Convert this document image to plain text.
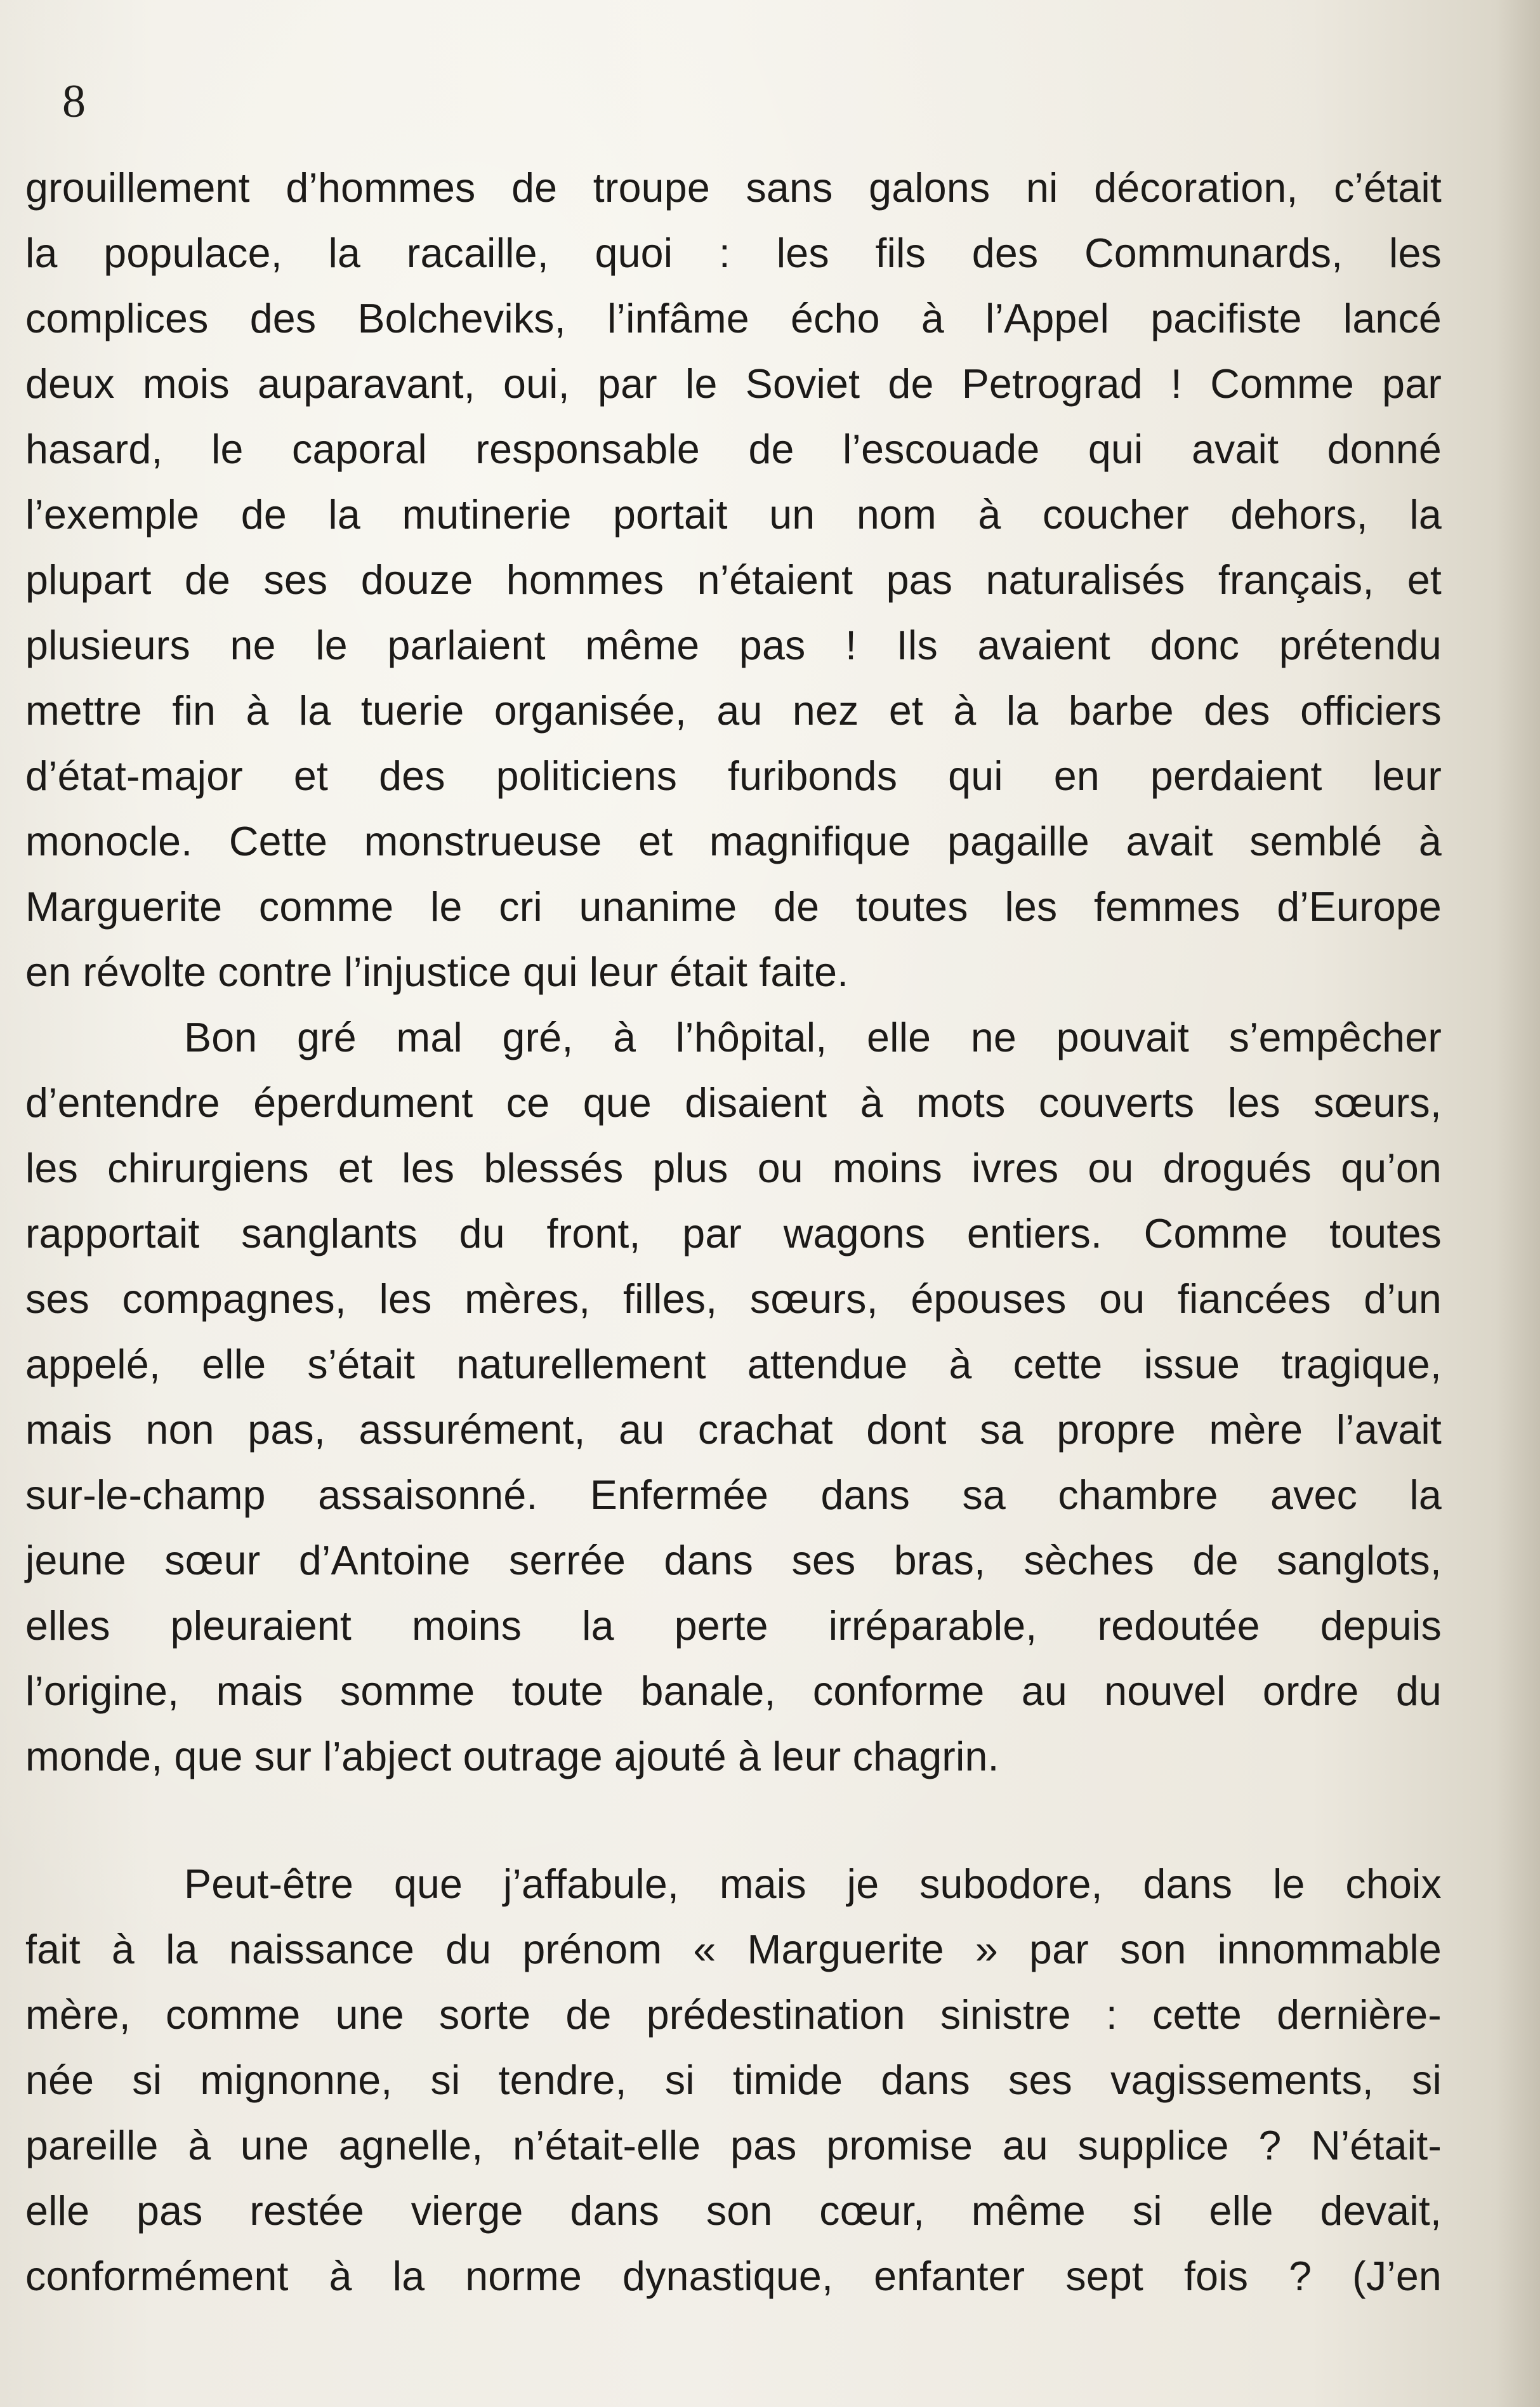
8

grouillement d’hommes de troupe sans galons ni décoration, c’était
la populace, la racaille, quoi : les fils des Communards, les
complices des Bolcheviks, l’infâme écho à l’Appel pacifiste lancé
deux mois auparavant, oui, par le Soviet de Petrograd ! Comme par
hasard, le caporal responsable de l’escouade qui avait donné
l’exemple de la mutinerie portait un nom à coucher dehors, la
plupart de ses douze hommes n’étaient pas naturalisés français, et
plusieurs ne le parlaient même pas ! Ils avaient donc prétendu
mettre fin à la tuerie organisée, au nez et à la barbe des officiers
d’état-major et des politiciens furibonds qui en perdaient leur
monocle. Cette monstrueuse et magnifique pagaille avait semblé à
Marguerite comme le cri unanime de toutes les femmes d’Europe
en révolte contre l’injustice qui leur était faite.
Bon gré mal gré, à l’hôpital, elle ne pouvait s’empêcher
d’entendre éperdument ce que disaient à mots couverts les sœurs,
les chirurgiens et les blessés plus ou moins ivres ou drogués qu’on
rapportait sanglants du front, par wagons entiers. Comme toutes
ses compagnes, les mères, filles, sœurs, épouses ou fiancées d’un
appelé, elle s’était naturellement attendue à cette issue tragique,
mais non pas, assurément, au crachat dont sa propre mère l’avait
sur-le-champ assaisonné. Enfermée dans sa chambre avec la
jeune sœur d’Antoine serrée dans ses bras, sèches de sanglots,
elles pleuraient moins la perte irréparable, redoutée depuis
l’origine, mais somme toute banale, conforme au nouvel ordre du
monde, que sur l’abject outrage ajouté à leur chagrin.
Peut-être que j’affabule, mais je subodore, dans le choix
fait à la naissance du prénom « Marguerite » par son innommable
mère, comme une sorte de prédestination sinistre : cette dernière-
née si mignonne, si tendre, si timide dans ses vagissements, si
pareille à une agnelle, n’était-elle pas promise au supplice ? N’était-
elle pas restée vierge dans son cœur, même si elle devait,
conformément à la norme dynastique, enfanter sept fois ? (J’en
